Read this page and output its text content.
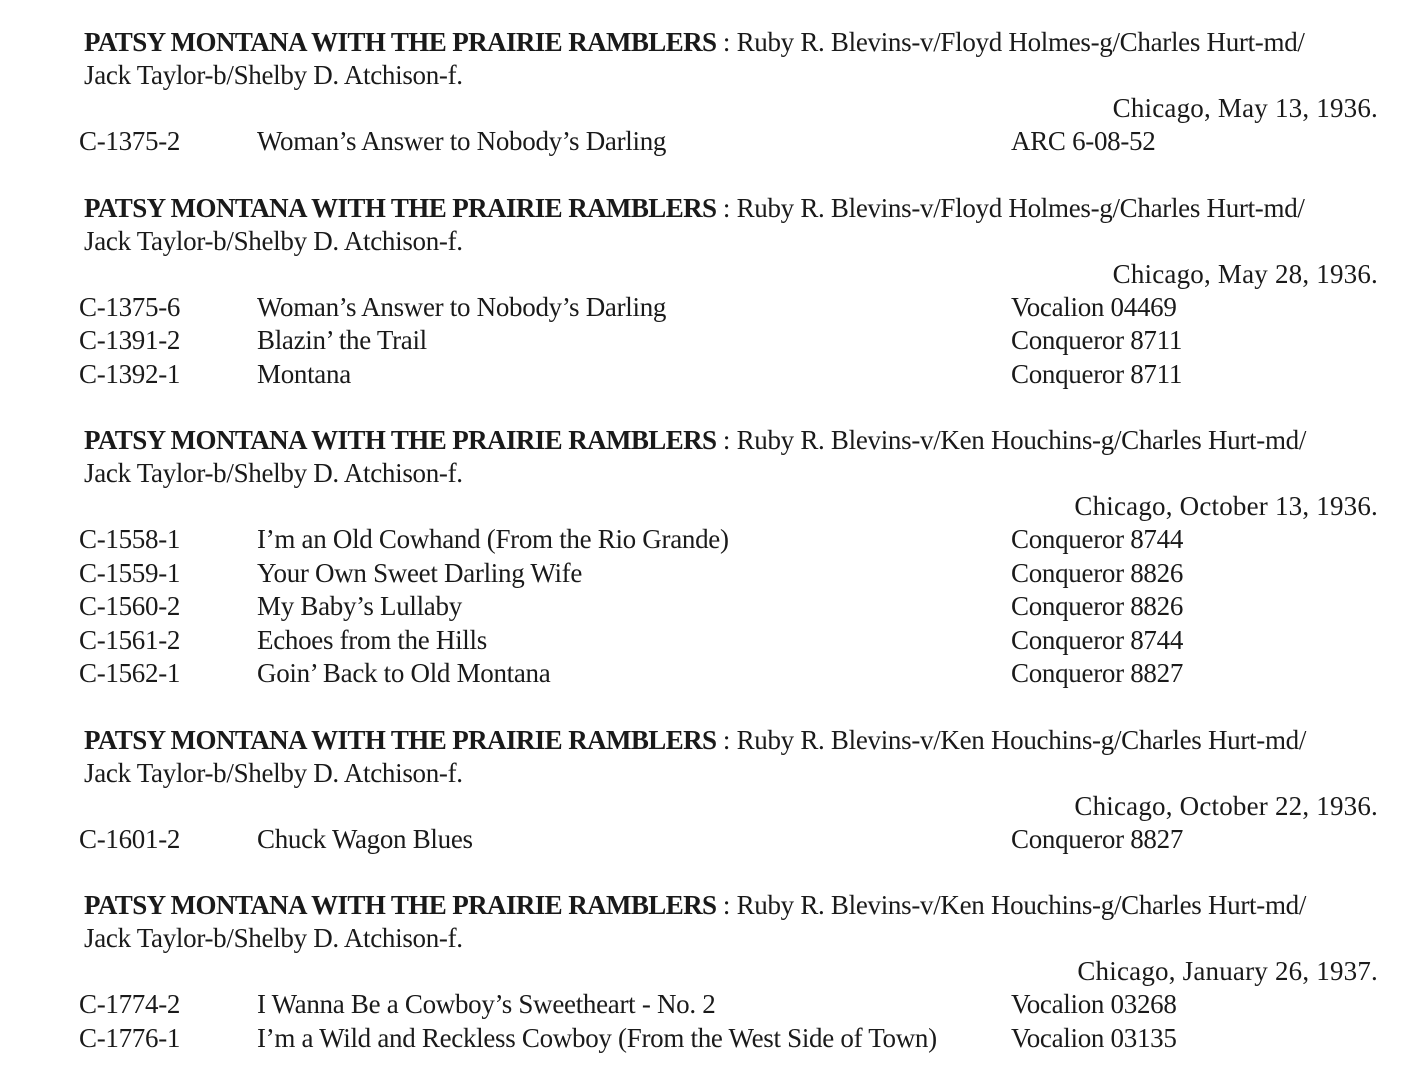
PATSY MONTANA WITH THE PRAIRIE RAMBLERS : Ruby R. Blevins-v/Floyd Holmes-g/Charles Hurt-md/ Jack Taylor-b/Shelby D. Atchison-f.
Chicago, May 13, 1936.
C-1375-2	Woman’s Answer to Nobody’s Darling	ARC 6-08-52
PATSY MONTANA WITH THE PRAIRIE RAMBLERS : Ruby R. Blevins-v/Floyd Holmes-g/Charles Hurt-md/ Jack Taylor-b/Shelby D. Atchison-f.
Chicago, May 28, 1936.
C-1375-6	Woman’s Answer to Nobody’s Darling	Vocalion 04469
C-1391-2	Blazin’ the Trail	Conqueror 8711
C-1392-1	Montana	Conqueror 8711
PATSY MONTANA WITH THE PRAIRIE RAMBLERS : Ruby R. Blevins-v/Ken Houchins-g/Charles Hurt-md/ Jack Taylor-b/Shelby D. Atchison-f.
Chicago, October 13, 1936.
C-1558-1	I’m an Old Cowhand (From the Rio Grande)	Conqueror 8744
C-1559-1	Your Own Sweet Darling Wife	Conqueror 8826
C-1560-2	My Baby’s Lullaby	Conqueror 8826
C-1561-2	Echoes from the Hills	Conqueror 8744
C-1562-1	Goin’ Back to Old Montana	Conqueror 8827
PATSY MONTANA WITH THE PRAIRIE RAMBLERS : Ruby R. Blevins-v/Ken Houchins-g/Charles Hurt-md/ Jack Taylor-b/Shelby D. Atchison-f.
Chicago, October 22, 1936.
C-1601-2	Chuck Wagon Blues	Conqueror 8827
PATSY MONTANA WITH THE PRAIRIE RAMBLERS : Ruby R. Blevins-v/Ken Houchins-g/Charles Hurt-md/ Jack Taylor-b/Shelby D. Atchison-f.
Chicago, January 26, 1937.
C-1774-2	I Wanna Be a Cowboy’s Sweetheart - No. 2	Vocalion 03268
C-1776-1	I’m a Wild and Reckless Cowboy (From the West Side of Town)	Vocalion 03135
